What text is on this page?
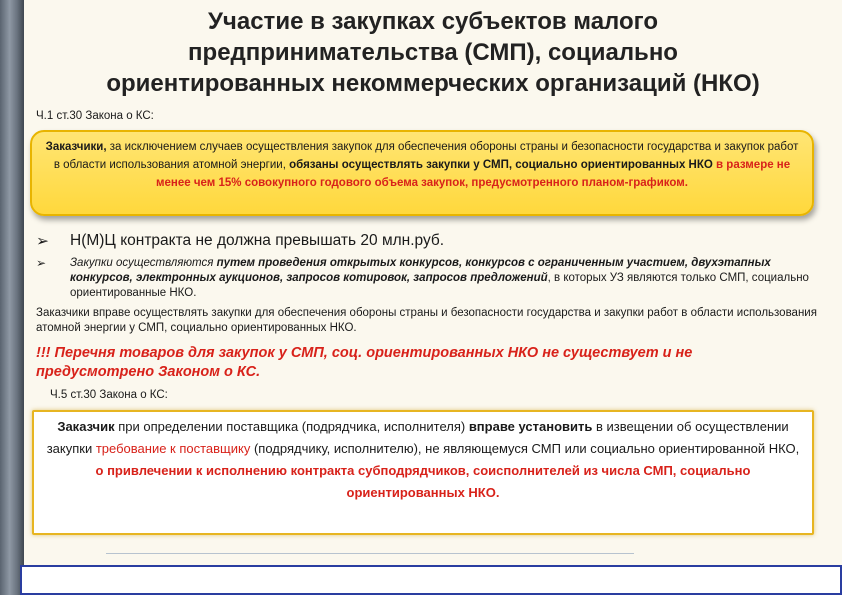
Участие в закупках субъектов малого
предпринимательства (СМП), социально
ориентированных некоммерческих организаций (НКО)
Ч.1 ст.30 Закона о КС:
Заказчики, за исключением случаев осуществления закупок для обеспечения обороны страны и безопасности государства и закупок работ в области использования атомной энергии, обязаны осуществлять закупки у СМП, социально ориентированных НКО в размере не менее чем 15% совокупного годового объема закупок, предусмотренного планом-графиком.
➢ Н(М)Ц контракта не должна превышать 20 млн.руб.
➢ Закупки осуществляются путем проведения открытых конкурсов, конкурсов с ограниченным участием, двухэтапных конкурсов, электронных аукционов, запросов котировок, запросов предложений, в которых УЗ являются только СМП, социально ориентированные НКО.
Заказчики вправе осуществлять закупки для обеспечения обороны страны и безопасности государства и закупки работ в области использования атомной энергии у СМП, социально ориентированных НКО.
!!! Перечня товаров для закупок у СМП, соц. ориентированных НКО не существует и не предусмотрено Законом о КС.
Ч.5 ст.30 Закона о КС:
Заказчик при определении поставщика (подрядчика, исполнителя) вправе установить в извещении об осуществлении закупки требование к поставщику (подрядчику, исполнителю), не являющемуся СМП или социально ориентированной НКО, о привлечении к исполнению контракта субподрядчиков, соисполнителей из числа СМП, социально ориентированных НКО.
